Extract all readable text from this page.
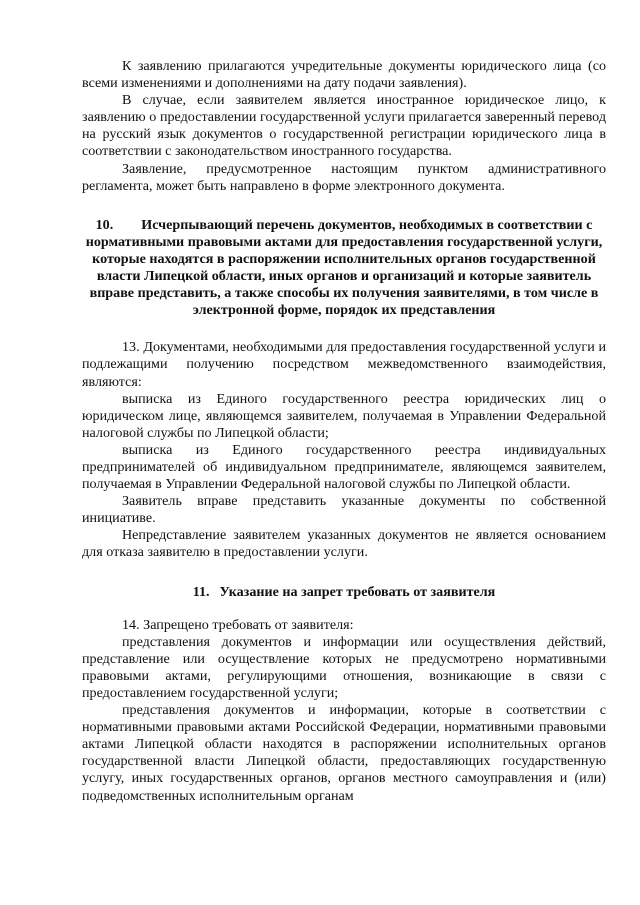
К заявлению прилагаются учредительные документы юридического лица (со всеми изменениями и дополнениями на дату подачи заявления).

В случае, если заявителем является иностранное юридическое лицо, к заявлению о предоставлении государственной услуги прилагается заверенный перевод на русский язык документов о государственной регистрации юридического лица в соответствии с законодательством иностранного государства.

Заявление, предусмотренное настоящим пунктом административного регламента, может быть направлено в форме электронного документа.

10. Исчерпывающий перечень документов, необходимых в соответствии с нормативными правовыми актами для предоставления государственной услуги, которые находятся в распоряжении исполнительных органов государственной власти Липецкой области, иных органов и организаций и которые заявитель вправе представить, а также способы их получения заявителями, в том числе в электронной форме, порядок их представления

13. Документами, необходимыми для предоставления государственной услуги и подлежащими получению посредством межведомственного взаимодействия, являются:

выписка из Единого государственного реестра юридических лиц о юридическом лице, являющемся заявителем, получаемая в Управлении Федеральной налоговой службы по Липецкой области;

выписка из Единого государственного реестра индивидуальных предпринимателей об индивидуальном предпринимателе, являющемся заявителем, получаемая в Управлении Федеральной налоговой службы по Липецкой области.

Заявитель вправе представить указанные документы по собственной инициативе.

Непредставление заявителем указанных документов не является основанием для отказа заявителю в предоставлении услуги.

11. Указание на запрет требовать от заявителя

14. Запрещено требовать от заявителя:

представления документов и информации или осуществления действий, представление или осуществление которых не предусмотрено нормативными правовыми актами, регулирующими отношения, возникающие в связи с предоставлением государственной услуги;

представления документов и информации, которые в соответствии с нормативными правовыми актами Российской Федерации, нормативными правовыми актами Липецкой области находятся в распоряжении исполнительных органов государственной власти Липецкой области, предоставляющих государственную услугу, иных государственных органов, органов местного самоуправления и (или) подведомственных исполнительным органам
